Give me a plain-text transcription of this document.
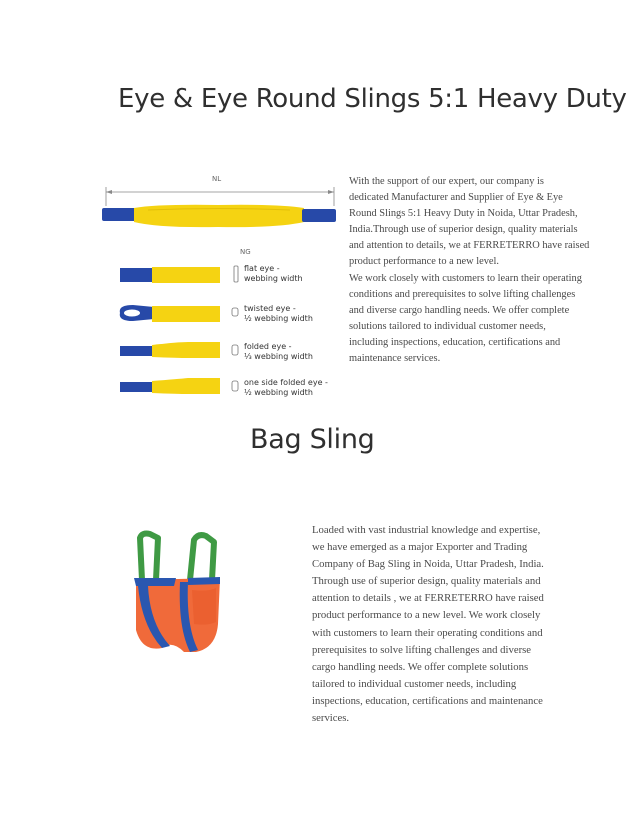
Eye & Eye Round Slings 5:1 Heavy Duty
NL
NG
flat eye -
webbing width
twisted eye -
½ webbing width
folded eye -
⅓ webbing width
one side folded eye -
½ webbing width
With the support of our expert, our company is
dedicated Manufacturer and Supplier of Eye & Eye
Round Slings 5:1 Heavy Duty in Noida, Uttar Pradesh,
India.Through use of superior design, quality materials
and attention to details, we at FERRETERRO have raised
product performance to a new level.
We work closely with customers to learn their operating
conditions and prerequisites to solve lifting challenges
and diverse cargo handling needs. We offer complete
solutions tailored to individual customer needs,
including inspections, education, certifications and
maintenance services.
Bag Sling
Loaded with vast industrial knowledge and expertise,
we have emerged as a major Exporter and Trading
Company of Bag Sling in Noida, Uttar Pradesh, India.
Through use of superior design, quality materials and
attention to details , we at FERRETERRO have raised
product performance to a new level. We work closely
with customers to learn their operating conditions and
prerequisites to solve lifting challenges and diverse
cargo handling needs. We offer complete solutions
tailored to individual customer needs, including
inspections, education, certifications and maintenance
services.
